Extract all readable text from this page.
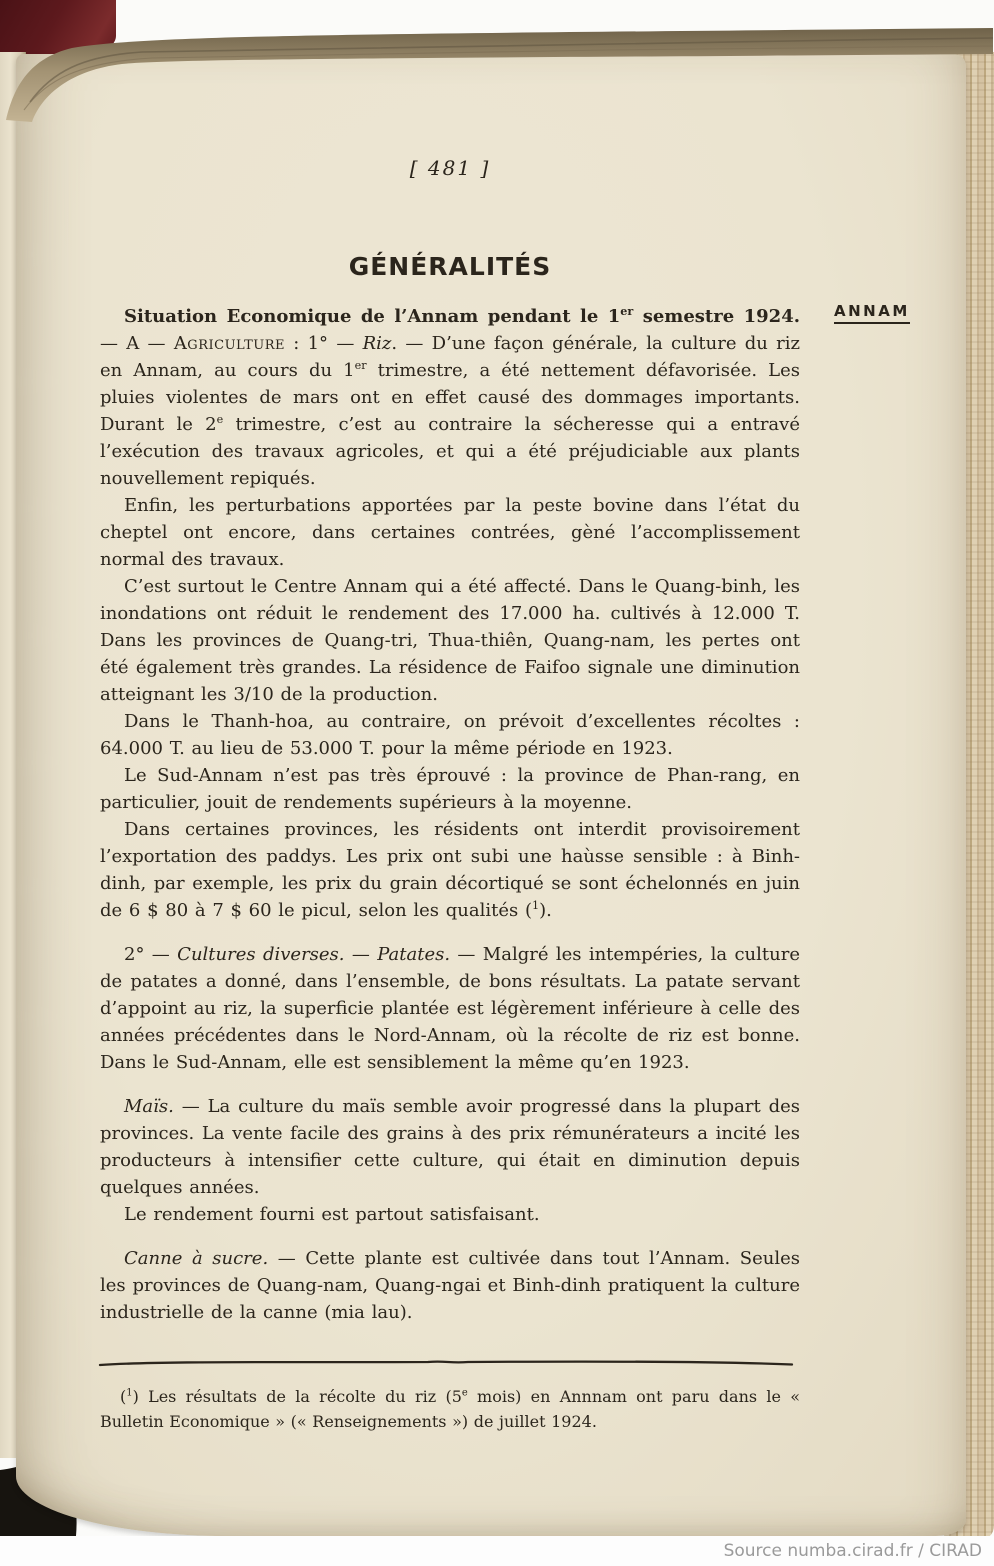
[ 481 ]
GÉNÉRALITÉS

Situation Economique de l’Annam pendant le 1er semestre 1924. — A — Agriculture : 1° — Riz. — D’une façon générale, la culture du riz en Annam, au cours du 1er trimestre, a été nettement défavorisée. Les pluies violentes de mars ont en effet causé des dommages importants. Durant le 2e trimestre, c’est au contraire la sécheresse qui a entravé l’exécution des travaux agricoles, et qui a été préjudiciable aux plants nouvellement repiqués.

Enfin, les perturbations apportées par la peste bovine dans l’état du cheptel ont encore, dans certaines contrées, gèné l’accomplissement normal des travaux.

C’est surtout le Centre Annam qui a été affecté. Dans le Quang-binh, les inondations ont réduit le rendement des 17.000 ha. cultivés à 12.000 T. Dans les provinces de Quang-tri, Thua-thiên, Quang-nam, les pertes ont été également très grandes. La résidence de Faifoo signale une diminution atteignant les 3/10 de la production.

Dans le Thanh-hoa, au contraire, on prévoit d’excellentes récoltes : 64.000 T. au lieu de 53.000 T. pour la même période en 1923.

Le Sud-Annam n’est pas très éprouvé : la province de Phan-rang, en particulier, jouit de rendements supérieurs à la moyenne.

Dans certaines provinces, les résidents ont interdit provisoirement l’exportation des paddys. Les prix ont subi une haùsse sensible : à Binh-dinh, par exemple, les prix du grain décortiqué se sont échelonnés en juin de 6 $ 80 à 7 $ 60 le picul, selon les qualités ($^1$).

2° — Cultures diverses. — Patates. — Malgré les intempéries, la culture de patates a donné, dans l’ensemble, de bons résultats. La patate servant d’appoint au riz, la superficie plantée est légèrement inférieure à celle des années précédentes dans le Nord-Annam, où la récolte de riz est bonne. Dans le Sud-Annam, elle est sensiblement la même qu’en 1923.

Maïs. — La culture du maïs semble avoir progressé dans la plupart des provinces. La vente facile des grains à des prix rémunérateurs a incité les producteurs à intensifier cette culture, qui était en diminution depuis quelques années.

Le rendement fourni est partout satisfaisant.

Canne à sucre. — Cette plante est cultivée dans tout l’Annam. Seules les provinces de Quang-nam, Quang-ngai et Binh-dinh pratiquent la culture industrielle de la canne (mia lau).

($^1$) Les résultats de la récolte du riz (5e mois) en Annnam ont paru dans le « Bulletin Economique » (« Renseignements ») de juillet 1924.

ANNAM
Source numba.cirad.fr / CIRAD
